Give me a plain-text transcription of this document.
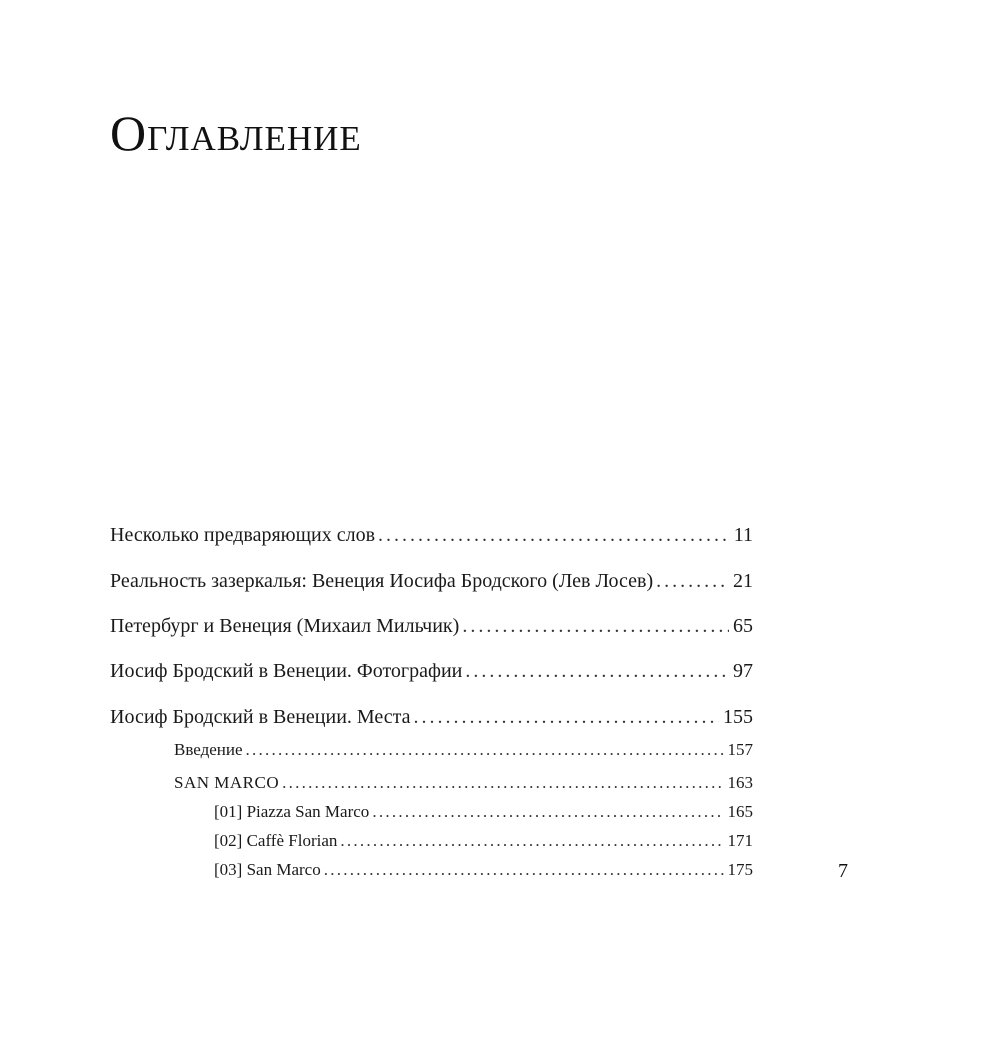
Оглавление
Несколько предваряющих слов . . .	11
Реальность зазеркалья: Венеция Иосифа Бродского (Лев Лосев) . . .	21
Петербург и Венеция (Михаил Мильчик) . . .	65
Иосиф Бродский в Венеции. Фотографии . . .	97
Иосиф Бродский в Венеции. Места . . .	155
Введение . . .	157
SAN MARCO . . .	163
[01] Piazza San Marco . . .	165
[02] Caffè Florian . . .	171
[03] San Marco . . .	175	7
